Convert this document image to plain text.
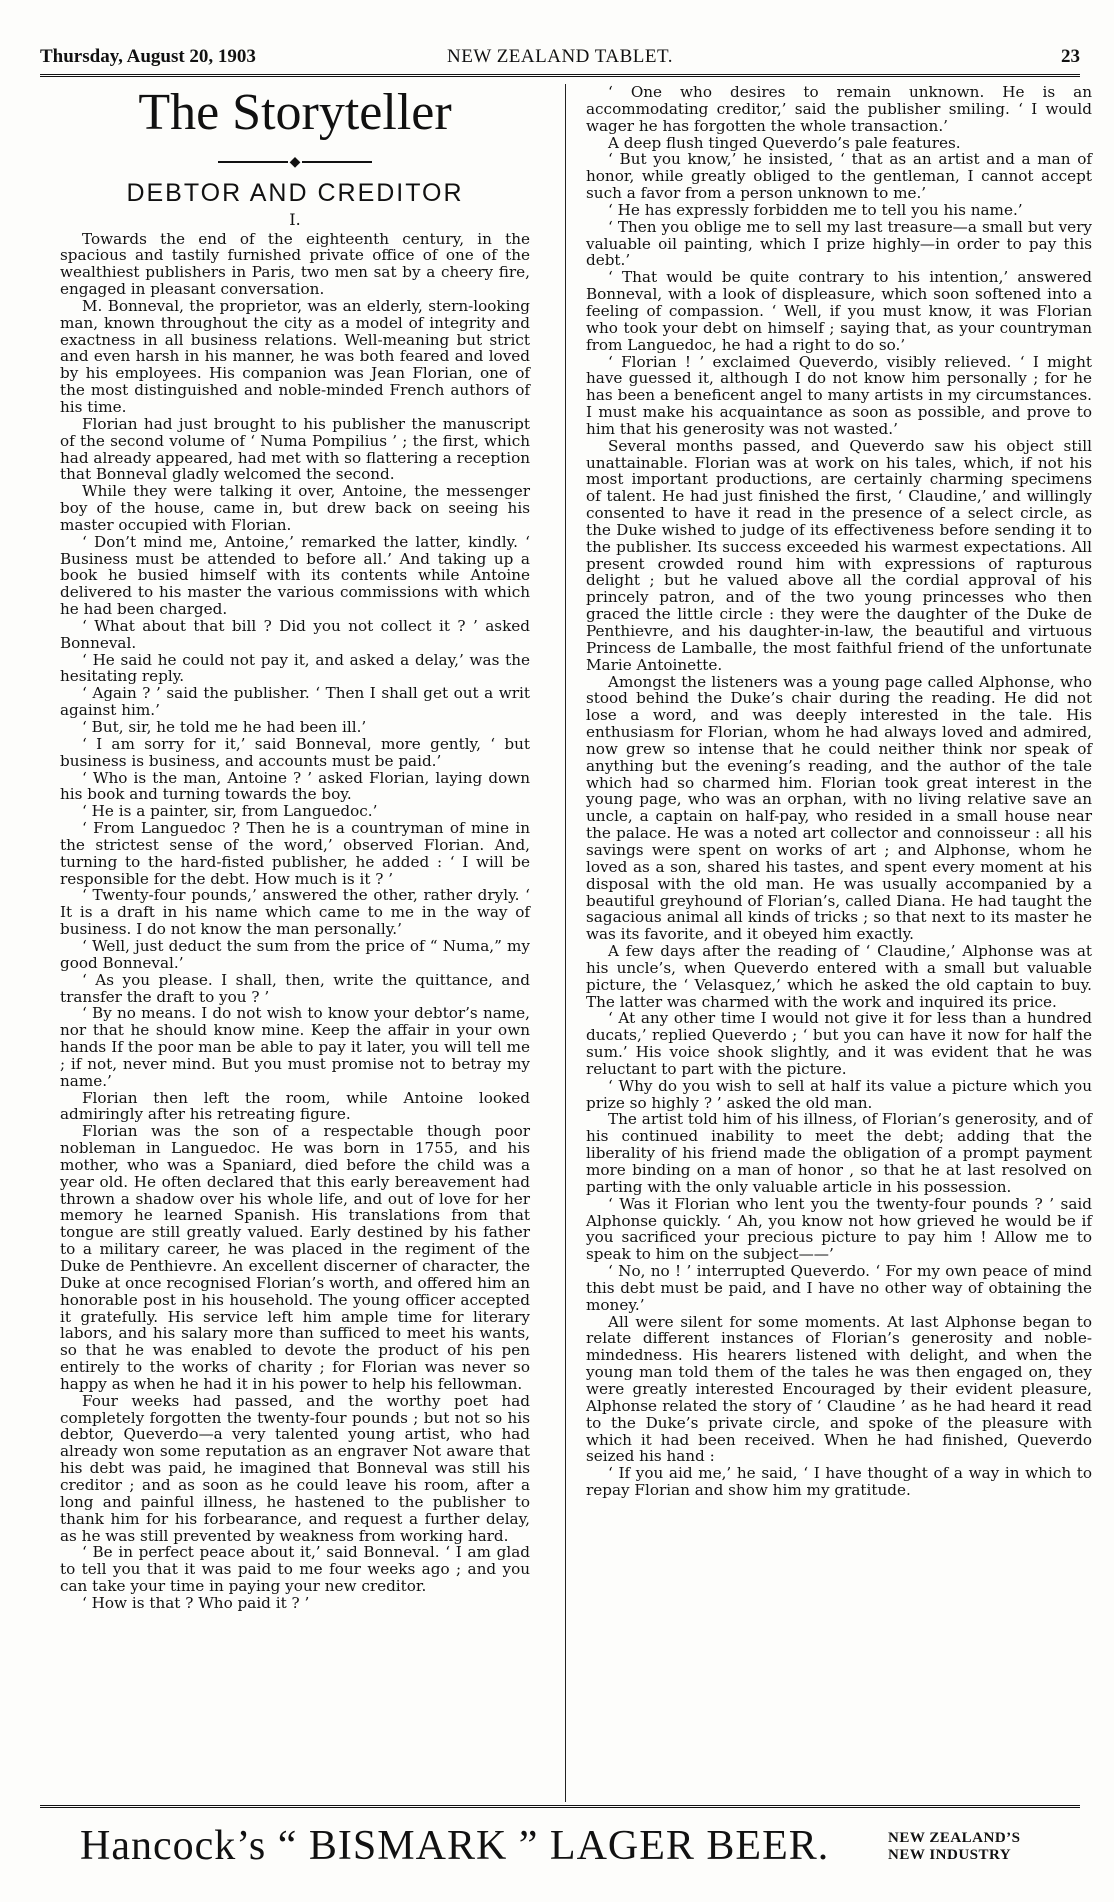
Thursday, August 20, 1903	NEW ZEALAND TABLET.	23
The Storyteller
◆
DEBTOR AND CREDITOR
I.

Towards the end of the eighteenth century, in the spacious and tastily furnished private office of one of the wealthiest publishers in Paris, two men sat by a cheery fire, engaged in pleasant conversation.

M. Bonneval, the proprietor, was an elderly, stern-looking man, known throughout the city as a model of integrity and exactness in all business relations. Well-meaning but strict and even harsh in his manner, he was both feared and loved by his employees. His companion was Jean Florian, one of the most distinguished and noble-minded French authors of his time.

Florian had just brought to his publisher the manuscript of the second volume of ‘ Numa Pompilius ’ ; the first, which had already appeared, had met with so flattering a reception that Bonneval gladly welcomed the second.

While they were talking it over, Antoine, the messenger boy of the house, came in, but drew back on seeing his master occupied with Florian.

‘ Don’t mind me, Antoine,’ remarked the latter, kindly. ‘ Business must be attended to before all.’ And taking up a book he busied himself with its contents while Antoine delivered to his master the various commissions with which he had been charged.

‘ What about that bill ? Did you not collect it ? ’ asked Bonneval.

‘ He said he could not pay it, and asked a delay,’ was the hesitating reply.

‘ Again ? ’ said the publisher. ‘ Then I shall get out a writ against him.’

‘ But, sir, he told me he had been ill.’

‘ I am sorry for it,’ said Bonneval, more gently, ‘ but business is business, and accounts must be paid.’

‘ Who is the man, Antoine ? ’ asked Florian, laying down his book and turning towards the boy.

‘ He is a painter, sir, from Languedoc.’

‘ From Languedoc ? Then he is a countryman of mine in the strictest sense of the word,’ observed Florian. And, turning to the hard-fisted publisher, he added : ‘ I will be responsible for the debt. How much is it ? ’

‘ Twenty-four pounds,’ answered the other, rather dryly. ‘ It is a draft in his name which came to me in the way of business. I do not know the man personally.’

‘ Well, just deduct the sum from the price of “ Numa,” my good Bonneval.’

‘ As you please. I shall, then, write the quittance, and transfer the draft to you ? ’

‘ By no means. I do not wish to know your debtor’s name, nor that he should know mine. Keep the affair in your own hands If the poor man be able to pay it later, you will tell me ; if not, never mind. But you must promise not to betray my name.’

Florian then left the room, while Antoine looked admiringly after his retreating figure.

Florian was the son of a respectable though poor nobleman in Languedoc. He was born in 1755, and his mother, who was a Spaniard, died before the child was a year old. He often declared that this early bereavement had thrown a shadow over his whole life, and out of love for her memory he learned Spanish. His translations from that tongue are still greatly valued. Early destined by his father to a military career, he was placed in the regiment of the Duke de Penthievre. An excellent discerner of character, the Duke at once recognised Florian’s worth, and offered him an honorable post in his household. The young officer accepted it gratefully. His service left him ample time for literary labors, and his salary more than sufficed to meet his wants, so that he was enabled to devote the product of his pen entirely to the works of charity ; for Florian was never so happy as when he had it in his power to help his fellowman.

Four weeks had passed, and the worthy poet had completely forgotten the twenty-four pounds ; but not so his debtor, Queverdo—a very talented young artist, who had already won some reputation as an engraver Not aware that his debt was paid, he imagined that Bonneval was still his creditor ; and as soon as he could leave his room, after a long and painful illness, he hastened to the publisher to thank him for his forbearance, and request a further delay, as he was still prevented by weakness from working hard.

‘ Be in perfect peace about it,’ said Bonneval. ‘ I am glad to tell you that it was paid to me four weeks ago ; and you can take your time in paying your new creditor.

‘ How is that ? Who paid it ? ’

‘ One who desires to remain unknown. He is an accommodating creditor,’ said the publisher smiling. ‘ I would wager he has forgotten the whole transaction.’

A deep flush tinged Queverdo’s pale features.

‘ But you know,’ he insisted, ‘ that as an artist and a man of honor, while greatly obliged to the gentleman, I cannot accept such a favor from a person unknown to me.’

‘ He has expressly forbidden me to tell you his name.’

‘ Then you oblige me to sell my last treasure—a small but very valuable oil painting, which I prize highly—in order to pay this debt.’

‘ That would be quite contrary to his intention,’ answered Bonneval, with a look of displeasure, which soon softened into a feeling of compassion. ‘ Well, if you must know, it was Florian who took your debt on himself ; saying that, as your countryman from Languedoc, he had a right to do so.’

‘ Florian ! ’ exclaimed Queverdo, visibly relieved. ‘ I might have guessed it, although I do not know him personally ; for he has been a beneficent angel to many artists in my circumstances. I must make his acquaintance as soon as possible, and prove to him that his generosity was not wasted.’

Several months passed, and Queverdo saw his object still unattainable. Florian was at work on his tales, which, if not his most important productions, are certainly charming specimens of talent. He had just finished the first, ‘ Claudine,’ and willingly consented to have it read in the presence of a select circle, as the Duke wished to judge of its effectiveness before sending it to the publisher. Its success exceeded his warmest expectations. All present crowded round him with expressions of rapturous delight ; but he valued above all the cordial approval of his princely patron, and of the two young princesses who then graced the little circle : they were the daughter of the Duke de Penthievre, and his daughter-in-law, the beautiful and virtuous Princess de Lamballe, the most faithful friend of the unfortunate Marie Antoinette.

Amongst the listeners was a young page called Alphonse, who stood behind the Duke’s chair during the reading. He did not lose a word, and was deeply interested in the tale. His enthusiasm for Florian, whom he had always loved and admired, now grew so intense that he could neither think nor speak of anything but the evening’s reading, and the author of the tale which had so charmed him. Florian took great interest in the young page, who was an orphan, with no living relative save an uncle, a captain on half-pay, who resided in a small house near the palace. He was a noted art collector and connoisseur : all his savings were spent on works of art ; and Alphonse, whom he loved as a son, shared his tastes, and spent every moment at his disposal with the old man. He was usually accompanied by a beautiful greyhound of Florian’s, called Diana. He had taught the sagacious animal all kinds of tricks ; so that next to its master he was its favorite, and it obeyed him exactly.

A few days after the reading of ‘ Claudine,’ Alphonse was at his uncle’s, when Queverdo entered with a small but valuable picture, the ‘ Velasquez,’ which he asked the old captain to buy. The latter was charmed with the work and inquired its price.

‘ At any other time I would not give it for less than a hundred ducats,’ replied Queverdo ; ‘ but you can have it now for half the sum.’ His voice shook slightly, and it was evident that he was reluctant to part with the picture.

‘ Why do you wish to sell at half its value a picture which you prize so highly ? ’ asked the old man.

The artist told him of his illness, of Florian’s generosity, and of his continued inability to meet the debt; adding that the liberality of his friend made the obligation of a prompt payment more binding on a man of honor , so that he at last resolved on parting with the only valuable article in his possession.

‘ Was it Florian who lent you the twenty-four pounds ? ’ said Alphonse quickly. ‘ Ah, you know not how grieved he would be if you sacrificed your precious picture to pay him ! Allow me to speak to him on the subject——’

‘ No, no ! ’ interrupted Queverdo. ‘ For my own peace of mind this debt must be paid, and I have no other way of obtaining the money.’

All were silent for some moments. At last Alphonse began to relate different instances of Florian’s generosity and noble-mindedness. His hearers listened with delight, and when the young man told them of the tales he was then engaged on, they were greatly interested Encouraged by their evident pleasure, Alphonse related the story of ‘ Claudine ’ as he had heard it read to the Duke’s private circle, and spoke of the pleasure with which it had been received. When he had finished, Queverdo seized his hand :

‘ If you aid me,’ he said, ‘ I have thought of a way in which to repay Florian and show him my gratitude.

Hancock’s “ BISMARK ” LAGER BEER.	NEW ZEALAND’S
NEW INDUSTRY
